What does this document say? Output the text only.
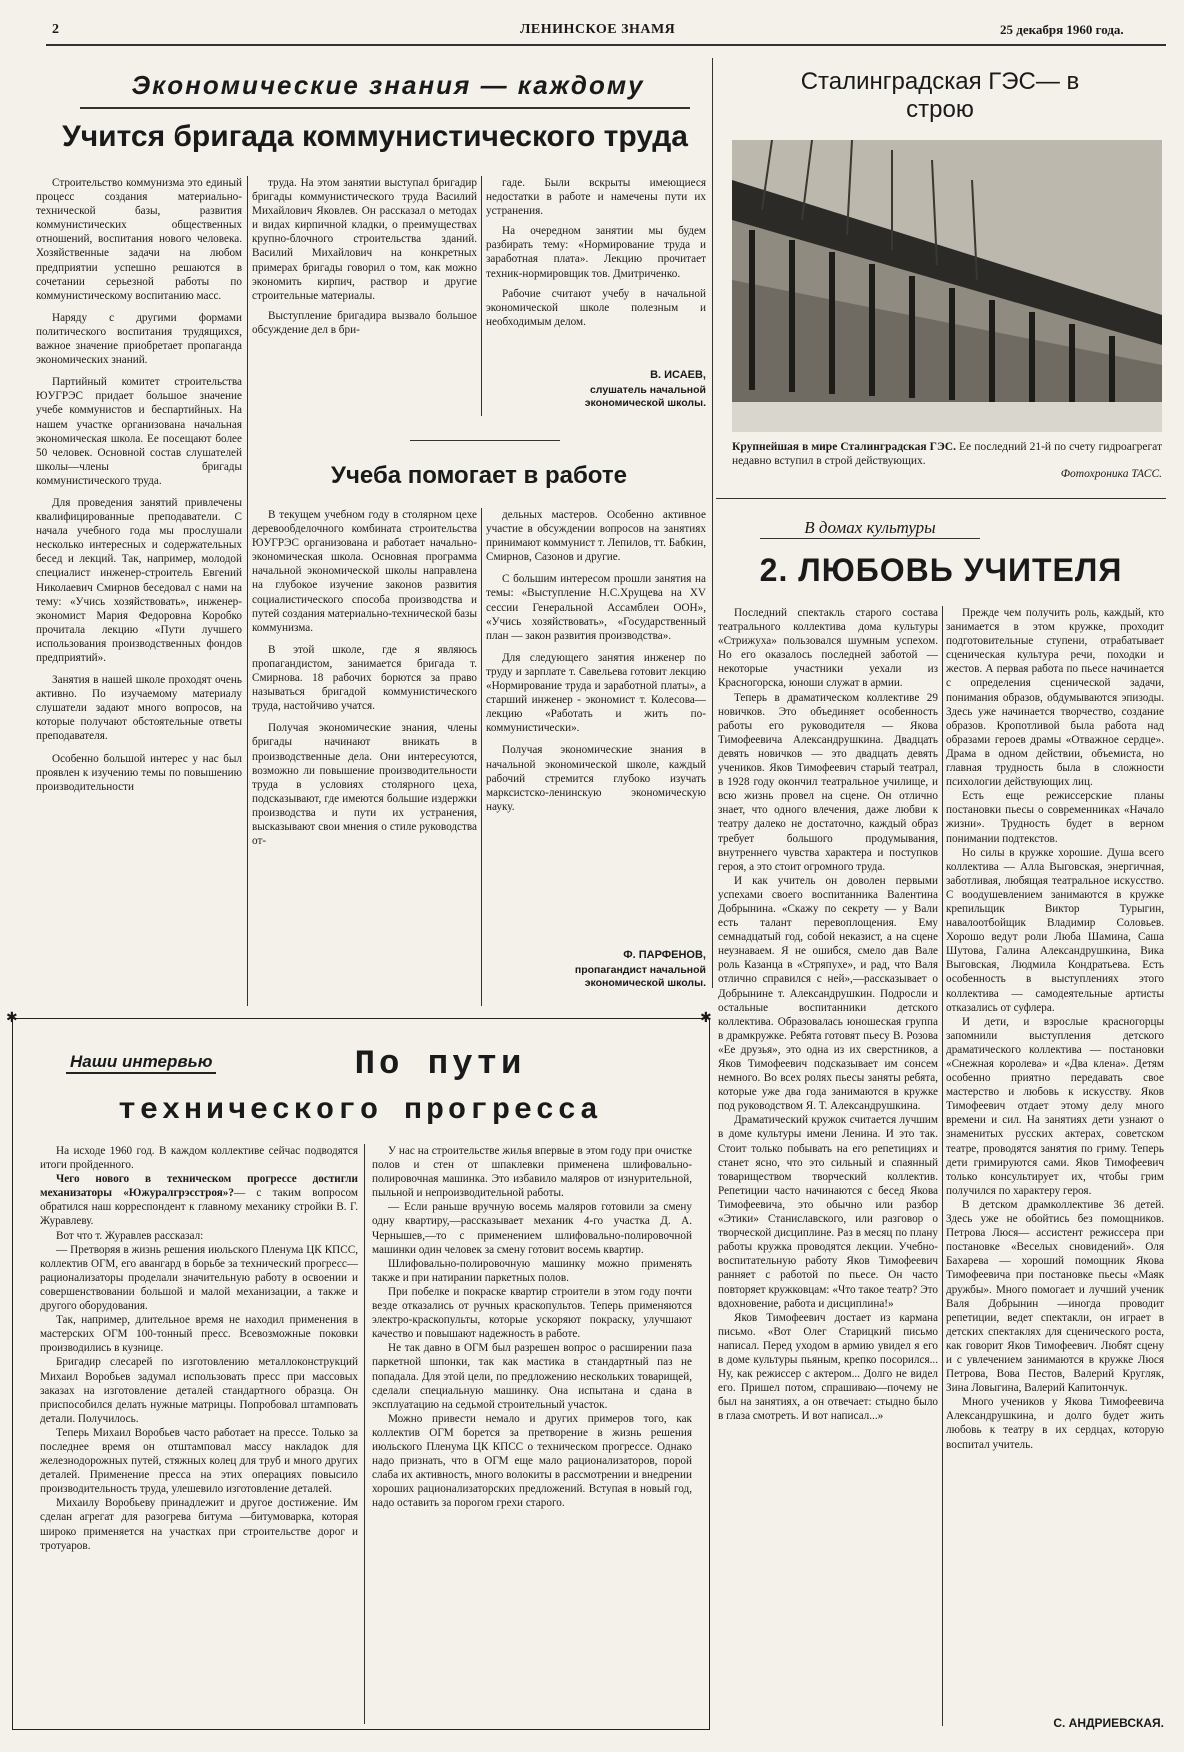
2	ЛЕНИНСКОЕ ЗНАМЯ	25 декабря 1960 года.
Экономические знания — каждому
Учится бригада коммунистического труда

Строительство коммунизма это единый процесс создания материально-технической базы, развития коммунистических общественных отношений, воспитания нового человека. Хозяйственные задачи на любом предприятии успешно решаются в сочетании серьезной работы по коммунистическому воспитанию масс.

Наряду с другими формами политического воспитания трудящихся, важное значение приобретает пропаганда экономических знаний.

Партийный комитет строительства ЮУГРЭС придает большое значение учебе коммунистов и беспартийных. На нашем участке организована начальная экономическая школа. Ее посещают более 50 человек. Основной состав слушателей школы—члены бригады коммунистического труда.

Для проведения занятий привлечены квалифицированные преподаватели. С начала учебного года мы прослушали несколько интересных и содержательных бесед и лекций. Так, например, молодой специалист инженер-строитель Евгений Николаевич Смирнов беседовал с нами на тему: «Учись хозяйствовать», инженер-экономист Мария Федоровна Коробко прочитала лекцию «Пути лучшего использования производственных фондов предприятий».

Занятия в нашей школе проходят очень активно. По изучаемому материалу слушатели задают много вопросов, на которые получают обстоятельные ответы преподавателя.

Особенно большой интерес у нас был проявлен к изучению темы по повышению производительности

труда. На этом занятии выступал бригадир бригады коммунистического труда Василий Михайлович Яковлев. Он рассказал о методах и видах кирпичной кладки, о преимуществах крупно-блочного строительства зданий. Василий Михайлович на конкретных примерах бригады говорил о том, как можно экономить кирпич, раствор и другие строительные материалы.

Выступление бригадира вызвало большое обсуждение дел в бри-

гаде. Были вскрыты имеющиеся недостатки в работе и намечены пути их устранения.

На очередном занятии мы будем разбирать тему: «Нормирование труда и заработная плата». Лекцию прочитает техник-нормировщик тов. Дмитриченко.

Рабочие считают учебу в начальной экономической школе полезным и необходимым делом.

В. ИСАЕВ,
слушатель начальной экономической школы.
Учеба помогает в работе

В текущем учебном году в столярном цехе деревообделочного комбината строительства ЮУГРЭС организована и работает начально-экономическая школа. Основная программа начальной экономической школы направлена на глубокое изучение законов развития социалистического способа производства и путей создания материально-технической базы коммунизма.

В этой школе, где я являюсь пропагандистом, занимается бригада т. Смирнова. 18 рабочих борются за право называться бригадой коммунистического труда, настойчиво учатся.

Получая экономические знания, члены бригады начинают вникать в производственные дела. Они интересуются, возможно ли повышение производительности труда в условиях столярного цеха, подсказывают, где имеются большие издержки производства и пути их устранения, высказывают свои мнения о стиле руководства от-

дельных мастеров. Особенно активное участие в обсуждении вопросов на занятиях принимают коммунист т. Лепилов, тт. Бабкин, Смирнов, Сазонов и другие.

С большим интересом прошли занятия на темы: «Выступление Н.С.Хрущева на XV сессии Генеральной Ассамблеи ООН», «Учись хозяйствовать», «Государственный план — закон развития производства».

Для следующего занятия инженер по труду и зарплате т. Савельева готовит лекцию «Нормирование труда и заработной платы», а старший инженер - экономист т. Колесова—лекцию «Работать и жить по-коммунистически».

Получая экономические знания в начальной экономической школе, каждый рабочий стремится глубоко изучать марксистско-ленинскую экономическую науку.

Ф. ПАРФЕНОВ,
пропагандист начальной экономической школы.
Сталинградская ГЭС— в строю
Крупнейшая в мире Сталинградская ГЭС. Ее последний 21-й по счету гидроагрегат недавно вступил в строй действующих.
Фотохроника ТАСС.
В домах культуры
2. ЛЮБОВЬ УЧИТЕЛЯ

Последний спектакль старого состава театрального коллектива дома культуры «Стрижуха» пользовался шумным успехом. Но его оказалось последней заботой — некоторые участники уехали из Красногорска, юноши служат в армии.

Теперь в драматическом коллективе 29 новичков. Это объединяет особенность работы его руководителя — Якова Тимофеевича Александрушкина. Двадцать девять новичков — это двадцать девять учеников. Яков Тимофеевич старый театрал, в 1928 году окончил театральное училище, и всю жизнь провел на сцене. Он отлично знает, что одного влечения, даже любви к театру далеко не достаточно, каждый образ требует большого продумывания, внутреннего чувства характера и поступков героя, а это стоит огромного труда.

И как учитель он доволен первыми успехами своего воспитанника Валентина Добрынина. «Скажу по секрету — у Вали есть талант перевоплощения. Ему семнадцатый год, собой неказист, а на сцене неузнаваем. Я не ошибся, смело дав Вале роль Казанца в «Стряпухе», и рад, что Валя отлично справился с ней»,—рассказывает о Добрынине т. Александрушкин. Подросли и остальные воспитанники детского коллектива. Образовалась юношеская группа в драмкружке. Ребята готовят пьесу В. Розова «Ее друзья», это одна из их сверстников, а Яков Тимофеевич подсказывает им сонсем немного. Во всех ролях пьесы заняты ребята, которые уже два года занимаются в кружке под руководством Я. Т. Александрушкина.

Драматический кружок считается лучшим в доме культуры имени Ленина. И это так. Стоит только побывать на его репетициях и станет ясно, что это сильный и спаянный товариществом творческий коллектив. Репетиции часто начинаются с бесед Якова Тимофеевича, это обычно или разбор «Этики» Станиславского, или разговор о творческой дисциплине. Раз в месяц по плану работы кружка проводятся лекции. Учебно-воспитательную работу Яков Тимофеевич ранняет с работой по пьесе. Он часто повторяет кружковцам: «Что такое театр? Это вдохновение, работа и дисциплина!»

Яков Тимофеевич достает из кармана письмо. «Вот Олег Старицкий письмо написал. Перед уходом в армию увидел я его в доме культуры пьяным, крепко посорился... Ну, как режиссер с актером... Долго не видел его. Пришел потом, спрашиваю—почему не был на занятиях, а он отвечает: стыдно было в глаза смотреть. И вот написал...»

Прежде чем получить роль, каждый, кто занимается в этом кружке, проходит подготовительные ступени, отрабатывает сценическая культура речи, походки и жестов. А первая работа по пьесе начинается с определения сценической задачи, понимания образов, обдумываются эпизоды. Здесь уже начинается творчество, создание образов. Кропотливой была работа над образами героев драмы «Отважное сердце». Драма в одном действии, объемиста, но главная трудность была в сложности психологии действующих лиц.

Есть еще режиссерские планы постановки пьесы о современниках «Начало жизни». Трудность будет в верном понимании подтекстов.

Но силы в кружке хорошие. Душа всего коллектива — Алла Выговская, энергичная, заботливая, любящая театральное искусство. С воодушевлением занимаются в кружке крепильщик Виктор Турыгин, навалоотбойщик Владимир Соловьев. Хорошо ведут роли Люба Шамина, Саша Шутова, Галина Александрушкина, Вика Выговская, Людмила Кондратьева. Есть особенность в выступлениях этого коллектива — самодеятельные артисты отказались от суфлера.

И дети, и взрослые красногорцы запомнили выступления детского драматического коллектива — постановки «Снежная королева» и «Два клена». Детям особенно приятно передавать свое мастерство и любовь к искусству. Яков Тимофеевич отдает этому делу много времени и сил. На занятиях дети узнают о знаменитых русских актерах, советском театре, проводятся занятия по гриму. Теперь дети гримируются сами. Яков Тимофеевич только консультирует их, чтобы грим получился по характеру героя.

В детском драмколлективе 36 детей. Здесь уже не обойтись без помощников. Петрова Люся— ассистент режиссера при постановке «Веселых сновидений». Оля Бахарева — хороший помощник Якова Тимофеевича при постановке пьесы «Маяк дружбы». Много помогает и лучший ученик Валя Добрынин —иногда проводит репетиции, ведет спектакли, он играет в детских спектаклях для сценического роста, как говорит Яков Тимофеевич. Любят сцену и с увлечением занимаются в кружке Люся Петрова, Вова Пестов, Валерий Кругляк, Зина Ловыгина, Валерий Капитончук.

Много учеников у Якова Тимофеевича Александрушкина, и долго будет жить любовь к театру в их сердцах, которую воспитал учитель.

С. АНДРИЕВСКАЯ.
✱	✱
Наши интервью	По пути
технического прогресса

На исходе 1960 год. В каждом коллективе сейчас подводятся итоги пройденного.

Чего нового в техническом прогрессе достигли механизаторы «Южуралгрэсстроя»?— с таким вопросом обратился наш корреспондент к главному механику стройки В. Г. Журавлеву.

Вот что т. Журавлев рассказал:

— Претворяя в жизнь решения июльского Пленума ЦК КПСС, коллектив ОГМ, его авангард в борьбе за технический прогресс—рационализаторы проделали значительную работу в освоении и совершенствовании большой и малой механизации, а также и другого оборудования.

Так, например, длительное время не находил применения в мастерских ОГМ 100-тонный пресс. Всевозможные поковки производились в кузнице.

Бригадир слесарей по изготовлению металлоконструкций Михаил Воробьев задумал использовать пресс при массовых заказах на изготовление деталей стандартного образца. Он приспособился делать нужные матрицы. Попробовал штамповать детали. Получилось.

Теперь Михаил Воробьев часто работает на прессе. Только за последнее время он отштамповал массу накладок для железнодорожных путей, стяжных колец для труб и много других деталей. Применение пресса на этих операциях повысило производительность труда, улешевило изготовление деталей.

Михаилу Воробьеву принадлежит и другое достижение. Им сделан агрегат для разогрева битума —битумоварка, которая широко применяется на участках при строительстве дорог и тротуаров.

У нас на строительстве жилья впервые в этом году при очистке полов и стен от шпаклевки применена шлифовально-полировочная машинка. Это избавило маляров от изнурительной, пыльной и непроизводительной работы.

— Если раньше вручную восемь маляров готовили за смену одну квартиру,—рассказывает механик 4-го участка Д. А. Чернышев,—то с применением шлифовально-полировочной машинки один человек за смену готовит восемь квартир.

Шлифовально-полировочную машинку можно применять также и при натирании паркетных полов.

При побелке и покраске квартир строители в этом году почти везде отказались от ручных краскопультов. Теперь применяются электро-краскопульты, которые ускоряют покраску, улучшают качество и повышают надежность в работе.

Не так давно в ОГМ был разрешен вопрос о расширении паза паркетной шпонки, так как мастика в стандартный паз не попадала. Для этой цели, по предложению нескольких товарищей, сделали специальную машинку. Она испытана и сдана в эксплуатацию на седьмой строительный участок.

Можно привести немало и других примеров того, как коллектив ОГМ борется за претворение в жизнь решения июльского Пленума ЦК КПСС о техническом прогрессе. Однако надо признать, что в ОГМ еще мало рационализаторов, порой слаба их активность, много волокиты в рассмотрении и внедрении хороших рационализаторских предложений. Вступая в новый год, надо оставить за порогом грехи старого.
